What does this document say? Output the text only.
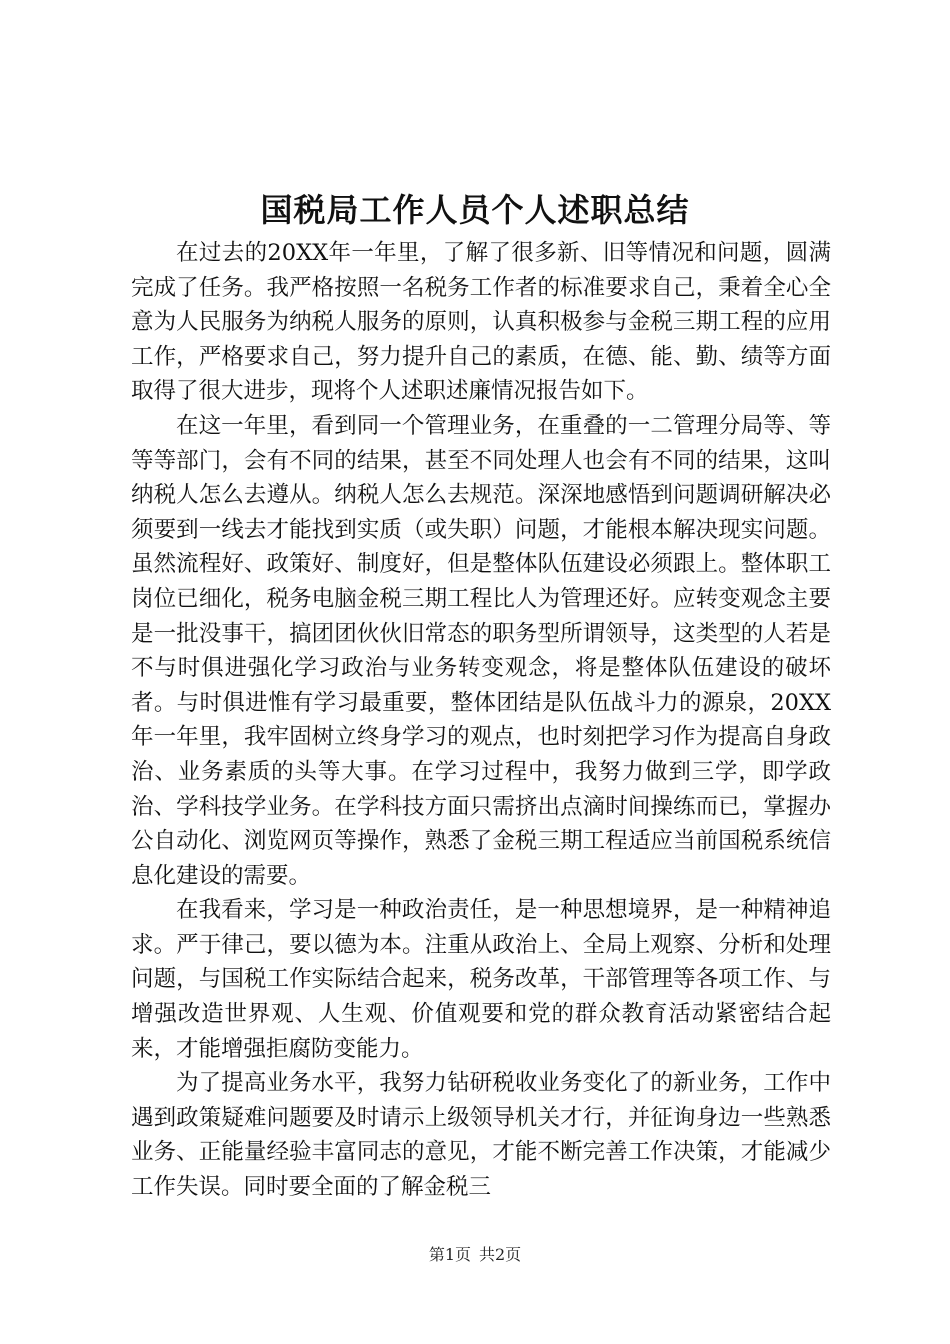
国税局工作人员个人述职总结

在过去的20XX年一年里，了解了很多新、旧等情况和问题，圆满完成了任务。我严格按照一名税务工作者的标准要求自己，秉着全心全意为人民服务为纳税人服务的原则，认真积极参与金税三期工程的应用工作，严格要求自己，努力提升自己的素质，在德、能、勤、绩等方面取得了很大进步，现将个人述职述廉情况报告如下。

在这一年里，看到同一个管理业务，在重叠的一二管理分局等、等等等部门，会有不同的结果，甚至不同处理人也会有不同的结果，这叫纳税人怎么去遵从。纳税人怎么去规范。深深地感悟到问题调研解决必须要到一线去才能找到实质（或失职）问题，才能根本解决现实问题。虽然流程好、政策好、制度好，但是整体队伍建设必须跟上。整体职工岗位已细化，税务电脑金税三期工程比人为管理还好。应转变观念主要是一批没事干，搞团团伙伙旧常态的职务型所谓领导，这类型的人若是不与时俱进强化学习政治与业务转变观念，将是整体队伍建设的破坏者。与时俱进惟有学习最重要，整体团结是队伍战斗力的源泉，20XX年一年里，我牢固树立终身学习的观点，也时刻把学习作为提高自身政治、业务素质的头等大事。在学习过程中，我努力做到三学，即学政治、学科技学业务。在学科技方面只需挤出点滴时间操练而已，掌握办公自动化、浏览网页等操作，熟悉了金税三期工程适应当前国税系统信息化建设的需要。

在我看来，学习是一种政治责任，是一种思想境界，是一种精神追求。严于律己，要以德为本。注重从政治上、全局上观察、分析和处理问题，与国税工作实际结合起来，税务改革，干部管理等各项工作、与增强改造世界观、人生观、价值观要和党的群众教育活动紧密结合起来，才能增强拒腐防变能力。

为了提高业务水平，我努力钻研税收业务变化了的新业务，工作中遇到政策疑难问题要及时请示上级领导机关才行，并征询身边一些熟悉业务、正能量经验丰富同志的意见，才能不断完善工作决策，才能减少工作失误。同时要全面的了解金税三

第1页 共2页
